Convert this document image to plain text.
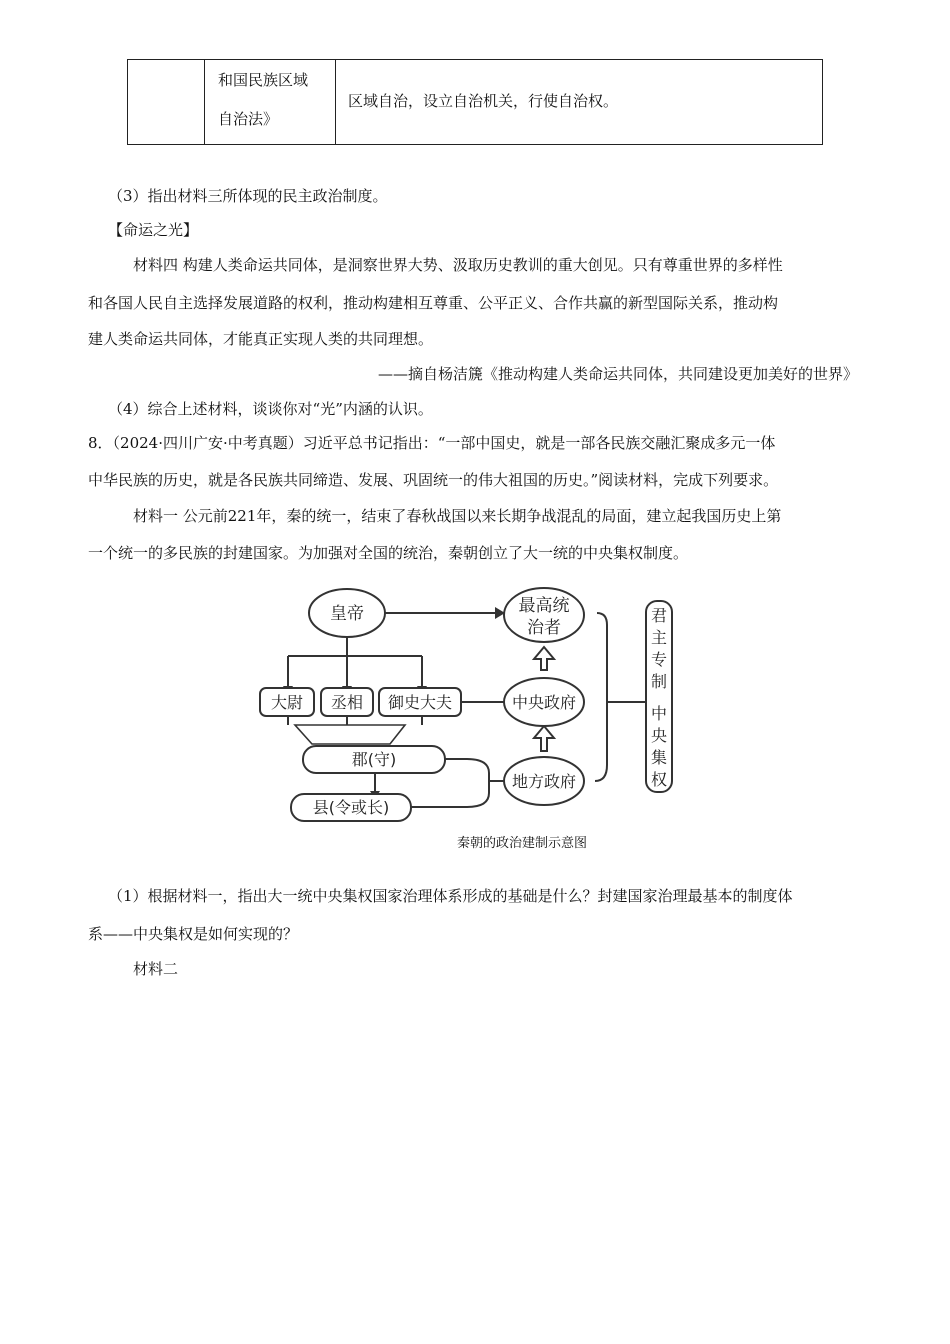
和国民族区域
自治法》
区域自治，设立自治机关，行使自治权。
（3）指出材料三所体现的民主政治制度。
【命运之光】
材料四 构建人类命运共同体，是洞察世界大势、汲取历史教训的重大创见。只有尊重世界的多样性
和各国人民自主选择发展道路的权利，推动构建相互尊重、公平正义、合作共赢的新型国际关系，推动构
建人类命运共同体，才能真正实现人类的共同理想。
——摘自杨洁篪《推动构建人类命运共同体，共同建设更加美好的世界》
（4）综合上述材料，谈谈你对“光”内涵的认识。
8．（2024·四川广安·中考真题）习近平总书记指出：“一部中国史，就是一部各民族交融汇聚成多元一体
中华民族的历史，就是各民族共同缔造、发展、巩固统一的伟大祖国的历史。”阅读材料，完成下列要求。
材料一 公元前221年，秦的统一，结束了春秋战国以来长期争战混乱的局面，建立起我国历史上第
一个统一的多民族的封建国家。为加强对全国的统治，秦朝创立了大一统的中央集权制度。
皇帝	最高统
治者
大尉 丞相 御史大夫	中央政府
郡(守)
地方政府
县(令或长)
君
主
专
制
中
央
集
权
秦朝的政治建制示意图
（1）根据材料一，指出大一统中央集权国家治理体系形成的基础是什么？封建国家治理最基本的制度体
系——中央集权是如何实现的？
材料二
